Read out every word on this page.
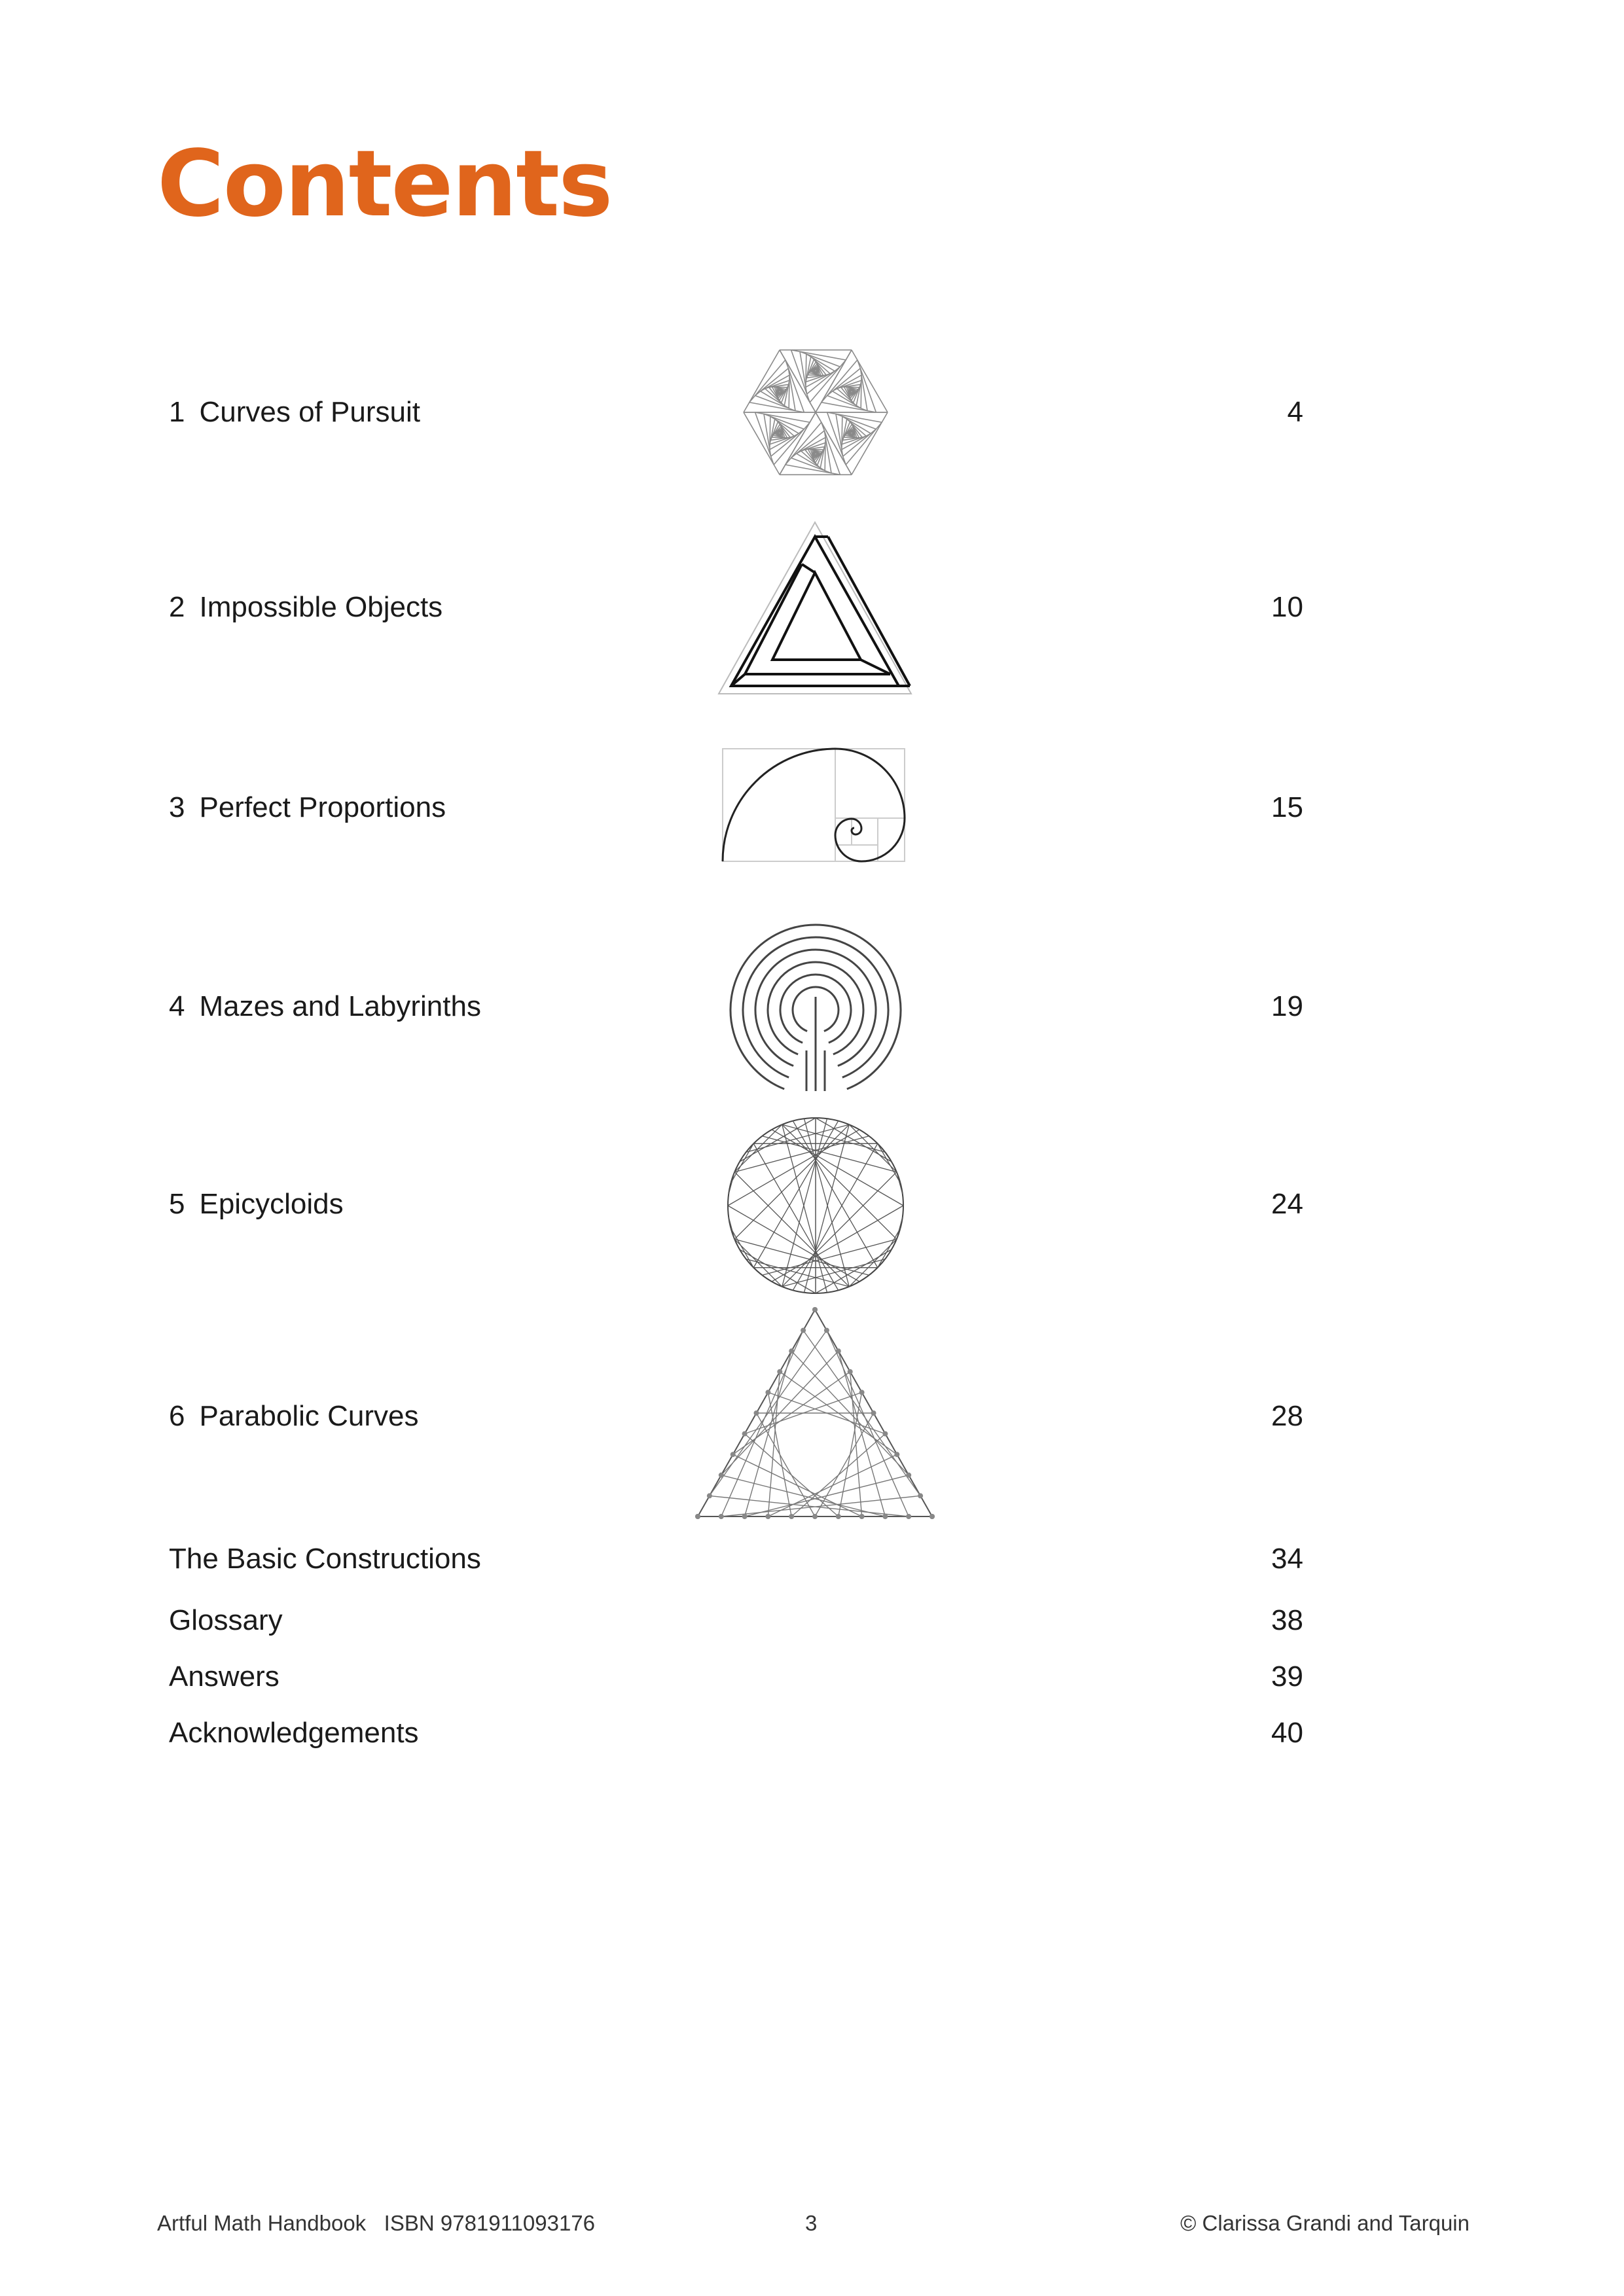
Contents
1 Curves of Pursuit	4
2 Impossible Objects	10
3 Perfect Proportions	15
4 Mazes and Labyrinths	19
5 Epicycloids	24
6 Parabolic Curves	28
The Basic Constructions	34
Glossary	38
Answers	39
Acknowledgements	40
Artful Math Handbook   ISBN 9781911093176	3	© Clarissa Grandi and Tarquin
